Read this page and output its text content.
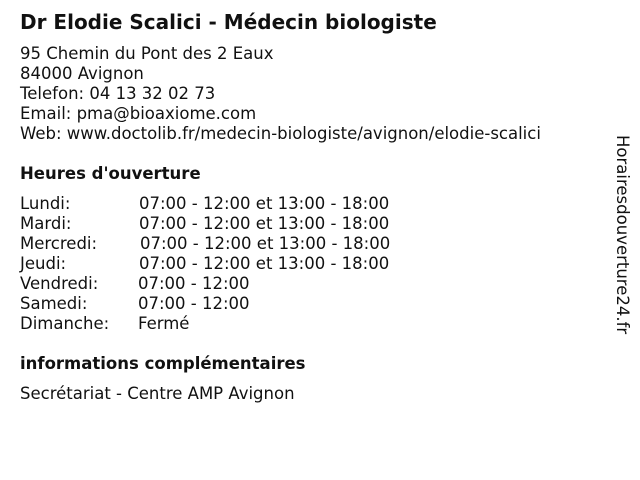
Dr Elodie Scalici - Médecin biologiste
95 Chemin du Pont des 2 Eaux
84000 Avignon
Telefon: 04 13 32 02 73
Email: pma@bioaxiome.com
Web: www.doctolib.fr/medecin-biologiste/avignon/elodie-scalici
Heures d'ouverture
Lundi:	07:00 - 12:00 et 13:00 - 18:00
Mardi:	07:00 - 12:00 et 13:00 - 18:00
Mercredi:	07:00 - 12:00 et 13:00 - 18:00
Jeudi:	07:00 - 12:00 et 13:00 - 18:00
Vendredi: 07:00 - 12:00
Samedi:	07:00 - 12:00
Dimanche: Fermé
informations complémentaires
Secrétariat - Centre AMP Avignon
Horairesdouverture24.fr
